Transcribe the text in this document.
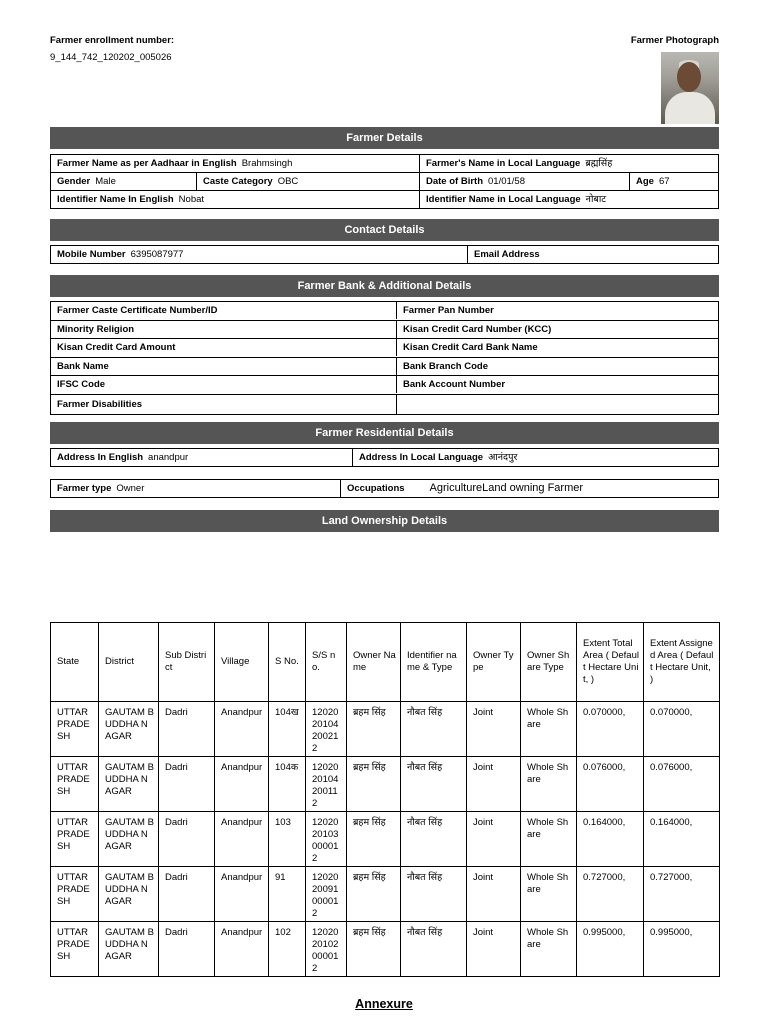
Farmer enrollment number:
9_144_742_120202_005026
Farmer Photograph
Farmer Details
Farmer Name as per Aadhaar in English Brahmsingh	Farmer's Name in Local Language ब्रह्मसिंह
Gender Male	Caste Category OBC	Date of Birth 01/01/58	Age 67
Identifier Name In English Nobat	Identifier Name in Local Language नोबाट
Contact Details
Mobile Number 6395087977	Email Address
Farmer Bank & Additional Details
Farmer Caste Certificate Number/ID	Farmer Pan Number
Minority Religion	Kisan Credit Card Number (KCC)
Kisan Credit Card Amount	Kisan Credit Card Bank Name
Bank Name	Bank Branch Code
IFSC Code	Bank Account Number
Farmer Disabilities
Farmer Residential Details
Address In English anandpur	Address In Local Language आनंदपुर
Farmer type Owner	Occupations AgricultureLand owning Farmer
Land Ownership Details
State	District	Sub District	Village	S No.	S/S no.	Owner Name	Identifier name & Type	Owner Type	Owner Share Type	Extent Total Area ( Default Hectare Unit, )	Extent Assigned Area ( Default Hectare Unit, )
UTTAR PRADESH	GAUTAM BUDDHA NAGAR	Dadri	Anandpur	104ख	1202020104200212	ब्रहम सिंह	नौबत सिंह	Joint	Whole Share	0.070000,	0.070000,
UTTAR PRADESH	GAUTAM BUDDHA NAGAR	Dadri	Anandpur	104क	1202020104200112	ब्रहम सिंह	नौबत सिंह	Joint	Whole Share	0.076000,	0.076000,
UTTAR PRADESH	GAUTAM BUDDHA NAGAR	Dadri	Anandpur	103	1202020103000012	ब्रहम सिंह	नौबत सिंह	Joint	Whole Share	0.164000,	0.164000,
UTTAR PRADESH	GAUTAM BUDDHA NAGAR	Dadri	Anandpur	91	1202020091000012	ब्रहम सिंह	नौबत सिंह	Joint	Whole Share	0.727000,	0.727000,
UTTAR PRADESH	GAUTAM BUDDHA NAGAR	Dadri	Anandpur	102	1202020102000012	ब्रहम सिंह	नौबत सिंह	Joint	Whole Share	0.995000,	0.995000,
Annexure
